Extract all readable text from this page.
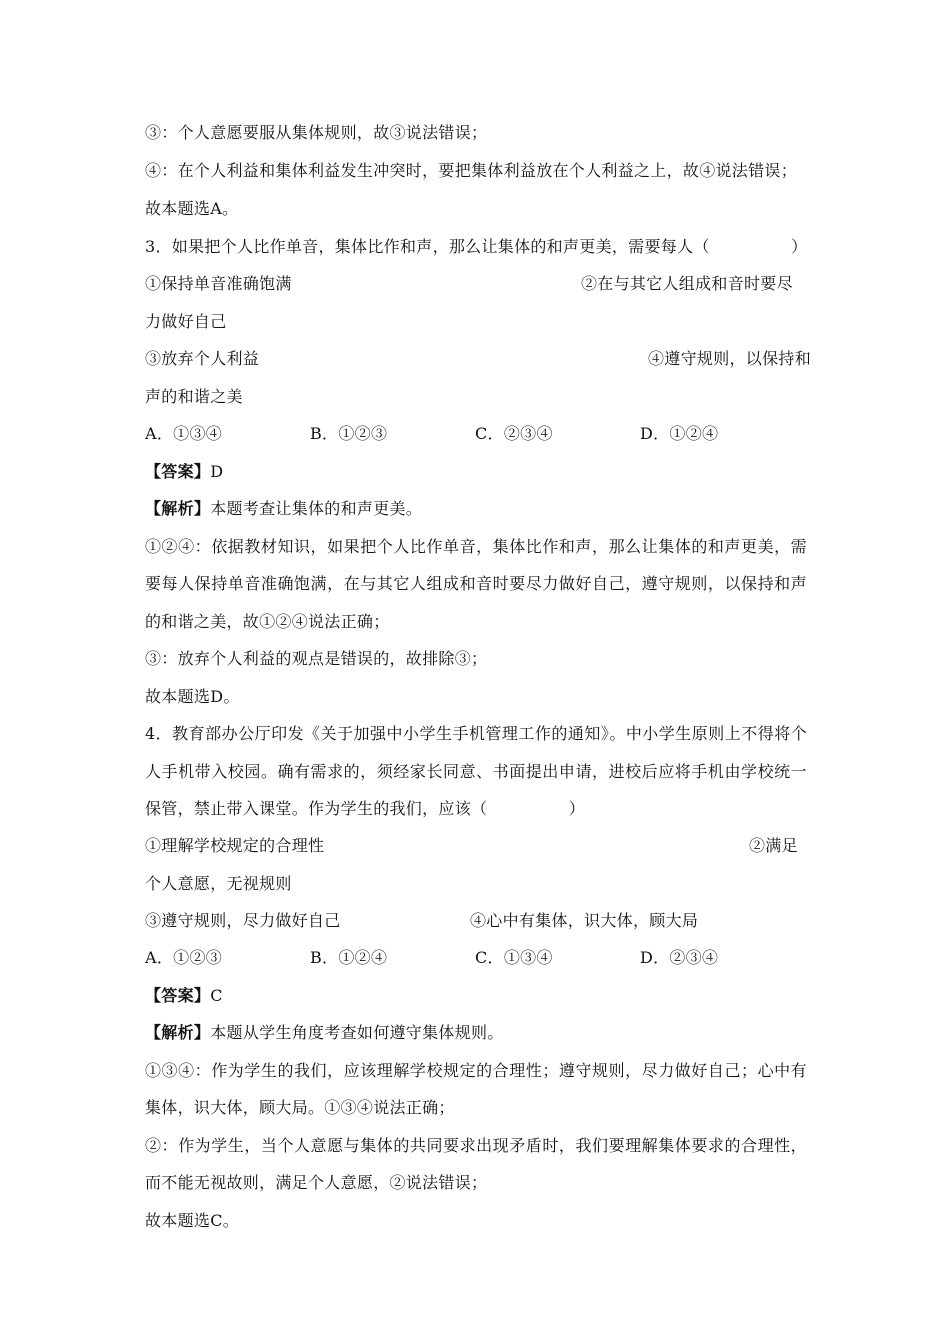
③：个人意愿要服从集体规则，故③说法错误；
④：在个人利益和集体利益发生冲突时，要把集体利益放在个人利益之上，故④说法错误；
故本题选A。
3．如果把个人比作单音，集体比作和声，那么让集体的和声更美，需要每人（　　　　　）
①保持单音准确饱满	②在与其它人组成和音时要尽
力做好自己
③放弃个人利益	④遵守规则，以保持和
声的和谐之美
A．①③④	B．①②③	C．②③④	D．①②④
【答案】D
【解析】本题考查让集体的和声更美。
①②④：依据教材知识，如果把个人比作单音，集体比作和声，那么让集体的和声更美，需
要每人保持单音准确饱满，在与其它人组成和音时要尽力做好自己，遵守规则，以保持和声
的和谐之美，故①②④说法正确；
③：放弃个人利益的观点是错误的，故排除③；
故本题选D。
4．教育部办公厅印发《关于加强中小学生手机管理工作的通知》。中小学生原则上不得将个
人手机带入校园。确有需求的，须经家长同意、书面提出申请，进校后应将手机由学校统一
保管，禁止带入课堂。作为学生的我们，应该（　　　　　）
①理解学校规定的合理性	②满足
个人意愿，无视规则
③遵守规则，尽力做好自己	④心中有集体，识大体，顾大局
A．①②③	B．①②④	C．①③④	D．②③④
【答案】C
【解析】本题从学生角度考查如何遵守集体规则。
①③④：作为学生的我们，应该理解学校规定的合理性；遵守规则，尽力做好自己；心中有
集体，识大体，顾大局。①③④说法正确；
②：作为学生，当个人意愿与集体的共同要求出现矛盾时，我们要理解集体要求的合理性，
而不能无视故则，满足个人意愿，②说法错误；
故本题选C。
